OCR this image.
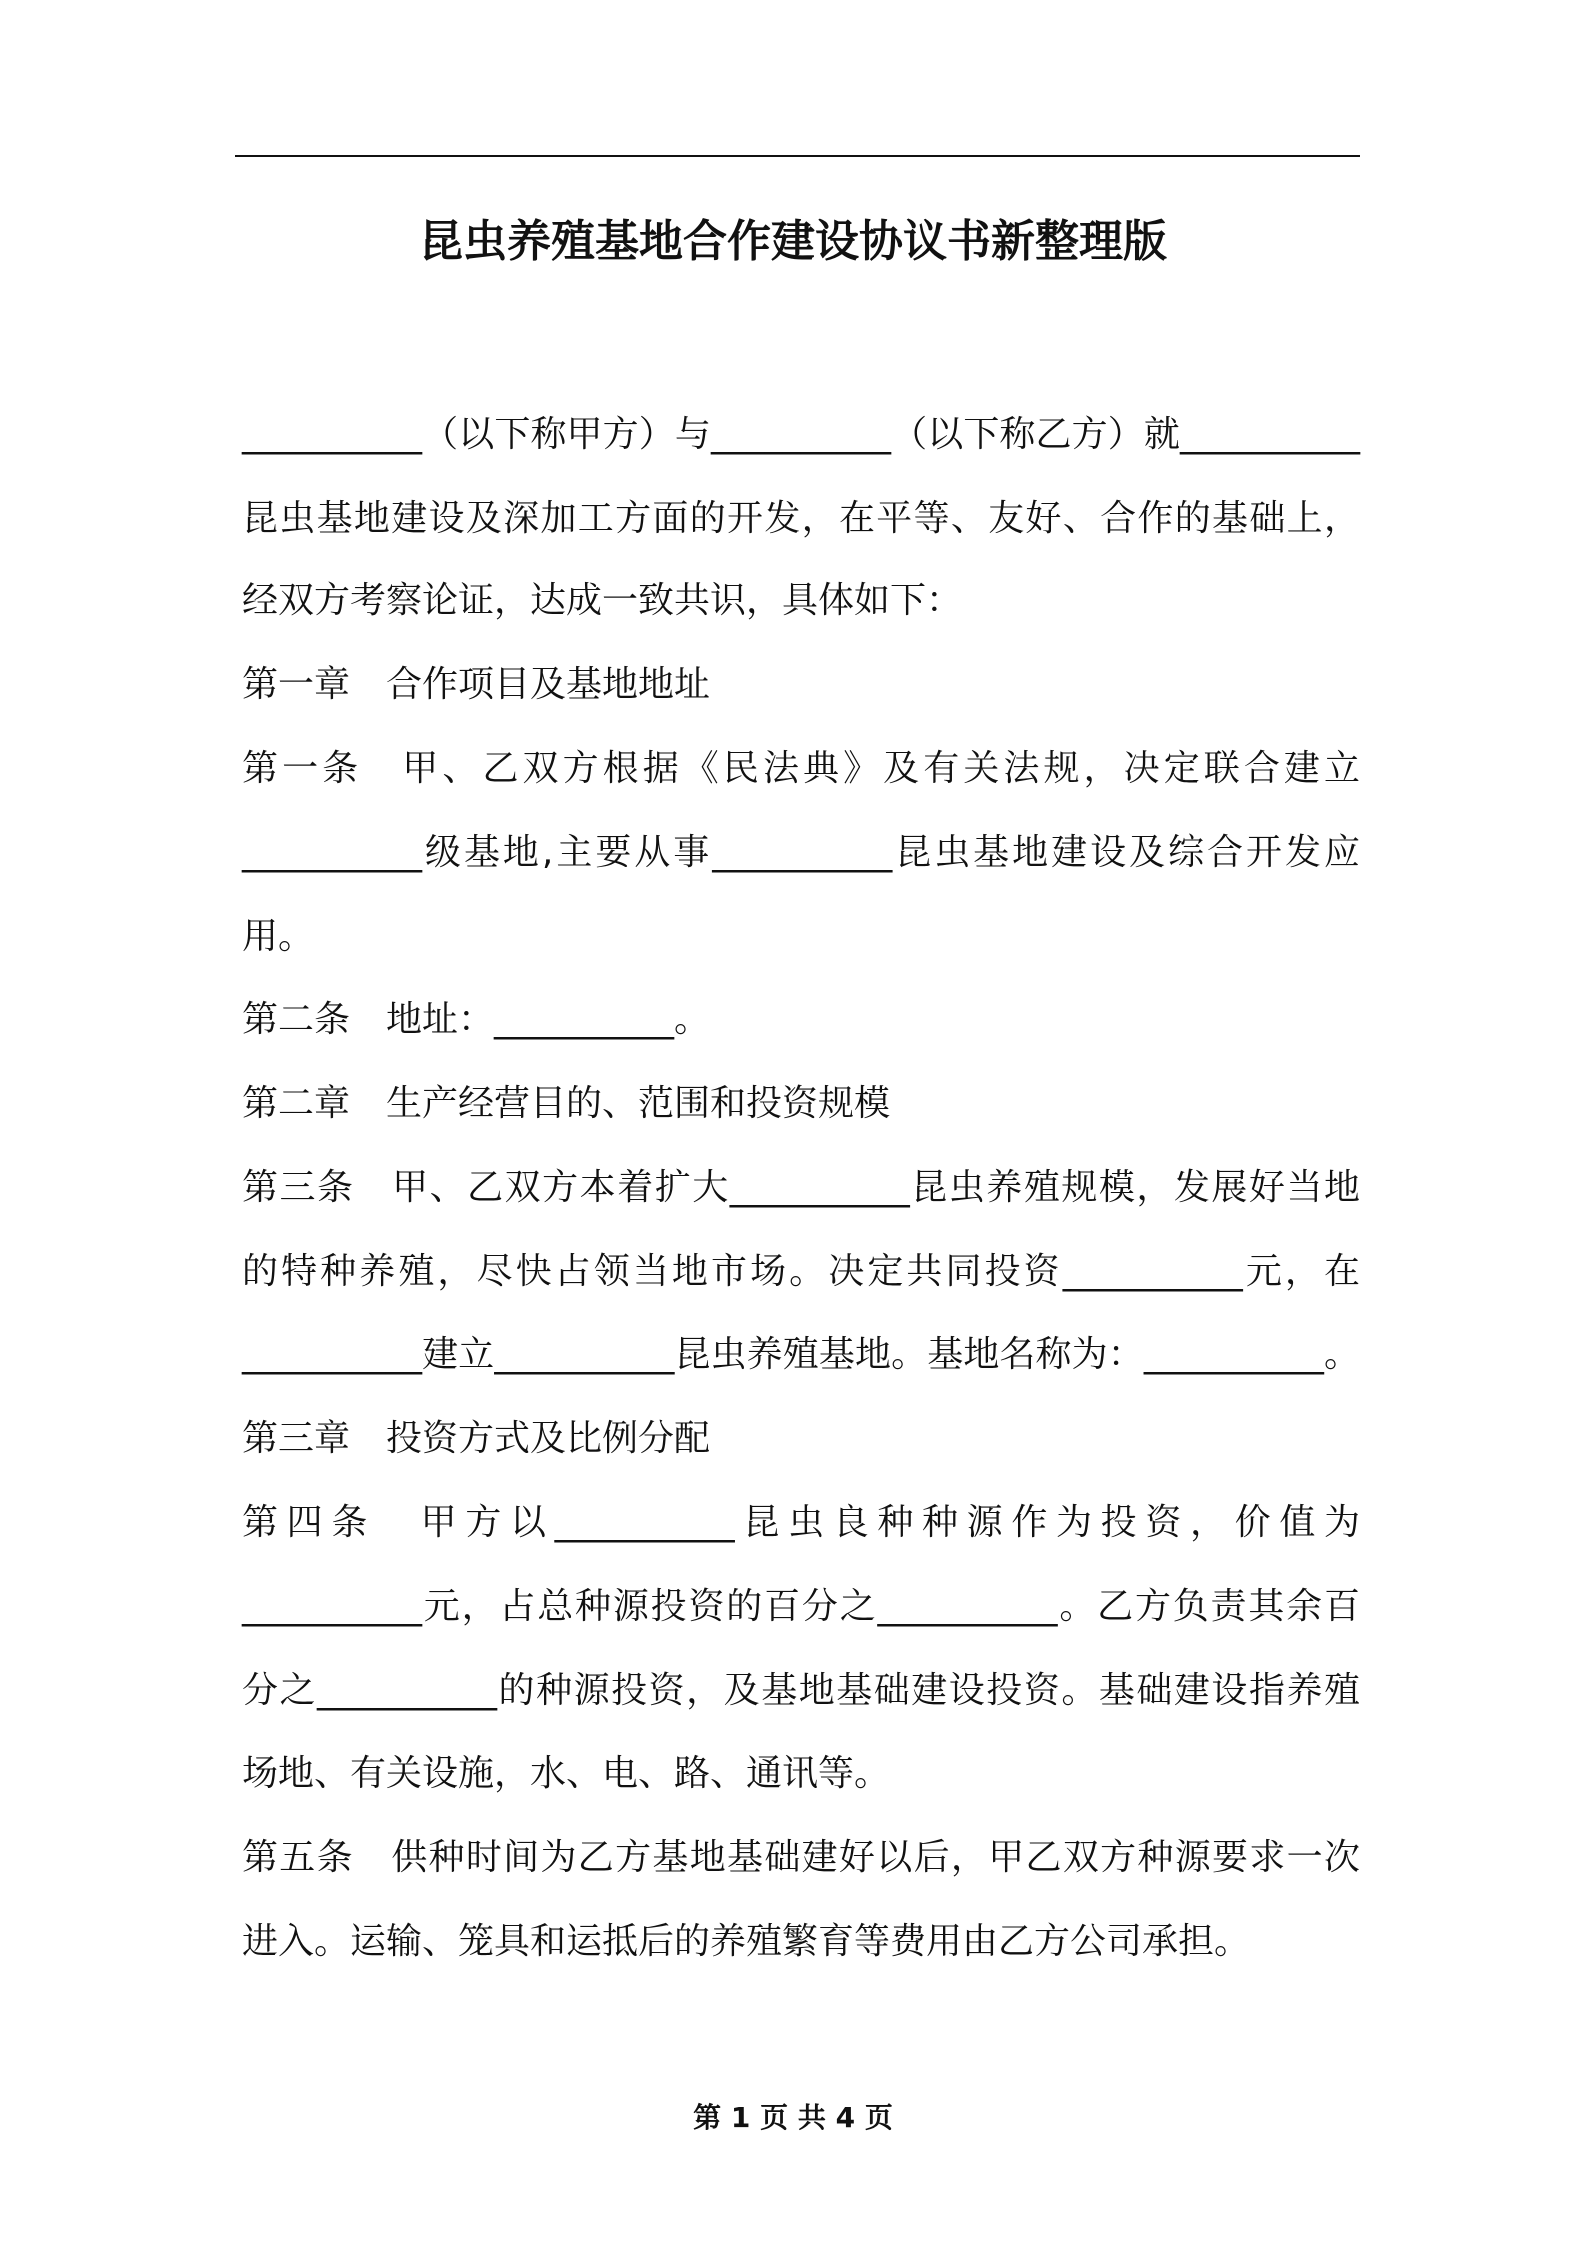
昆虫养殖基地合作建设协议书新整理版
__________（以下称甲方）与__________（以下称乙方）就__________
昆虫基地建设及深加工方面的开发，在平等、友好、合作的基础上，
经双方考察论证，达成一致共识，具体如下：
第一章　合作项目及基地地址
第一条　甲、乙双方根据《民法典》及有关法规，决定联合建立
__________级基地,主要从事__________昆虫基地建设及综合开发应
用。
第二条　地址：__________。
第二章　生产经营目的、范围和投资规模
第三条　甲、乙双方本着扩大__________昆虫养殖规模，发展好当地
的特种养殖，尽快占领当地市场。决定共同投资__________元，在
__________建立__________昆虫养殖基地。基地名称为：__________。
第三章　投资方式及比例分配
第四条　甲方以__________昆虫良种种源作为投资，价值为
__________元，占总种源投资的百分之__________。乙方负责其余百
分之__________的种源投资，及基地基础建设投资。基础建设指养殖
场地、有关设施，水、电、路、通讯等。
第五条　供种时间为乙方基地基础建好以后，甲乙双方种源要求一次
进入。运输、笼具和运抵后的养殖繁育等费用由乙方公司承担。
第 1 页 共 4 页
